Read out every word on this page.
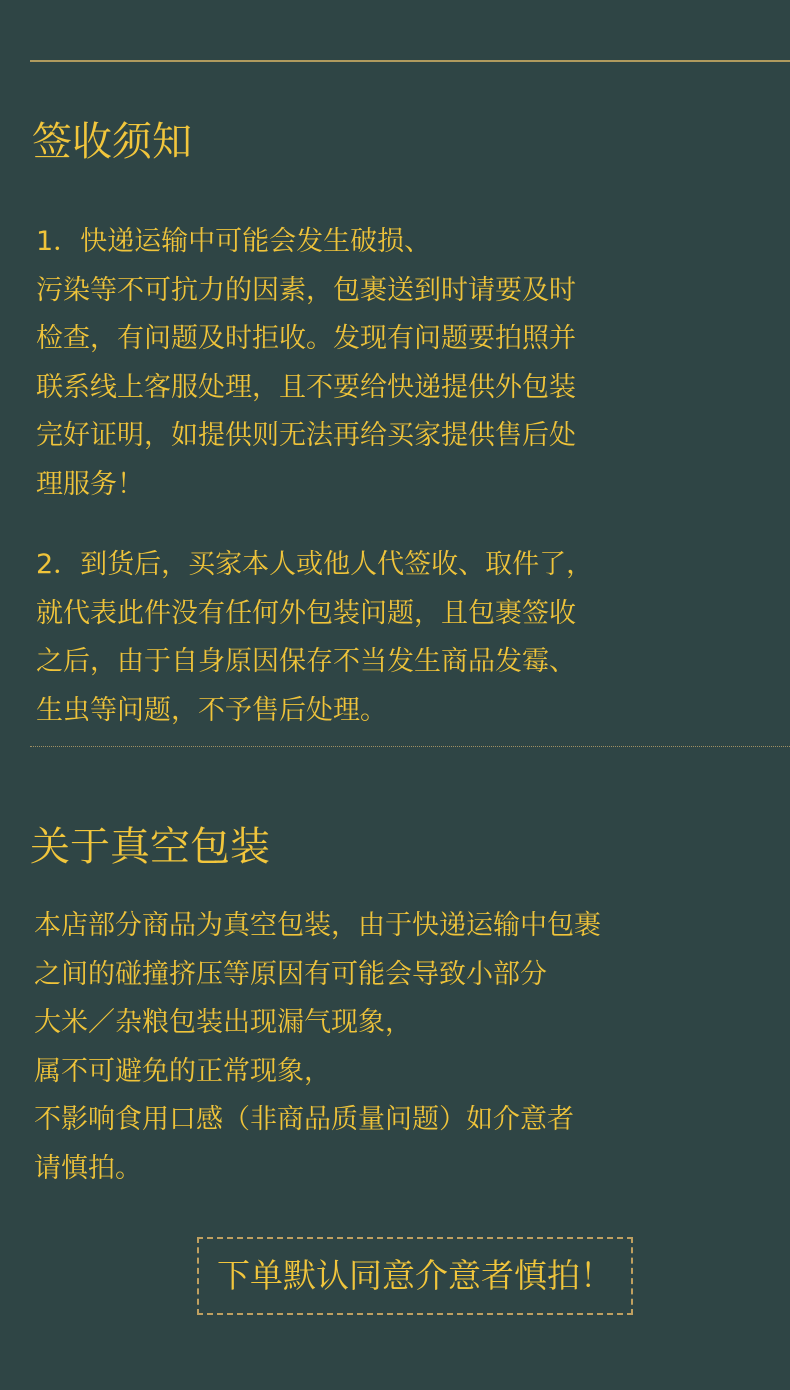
签收须知

1．快递运输中可能会发生破损、
污染等不可抗力的因素，包裹送到时请要及时
检查，有问题及时拒收。发现有问题要拍照并
联系线上客服处理，且不要给快递提供外包装
完好证明，如提供则无法再给买家提供售后处
理服务！

2．到货后，买家本人或他人代签收、取件了，
就代表此件没有任何外包装问题，且包裹签收
之后，由于自身原因保存不当发生商品发霉、
生虫等问题，不予售后处理。

关于真空包装

本店部分商品为真空包装，由于快递运输中包裹
之间的碰撞挤压等原因有可能会导致小部分
大米／杂粮包装出现漏气现象，
属不可避免的正常现象，
不影响食用口感（非商品质量问题）如介意者
请慎拍。

下单默认同意介意者慎拍！
